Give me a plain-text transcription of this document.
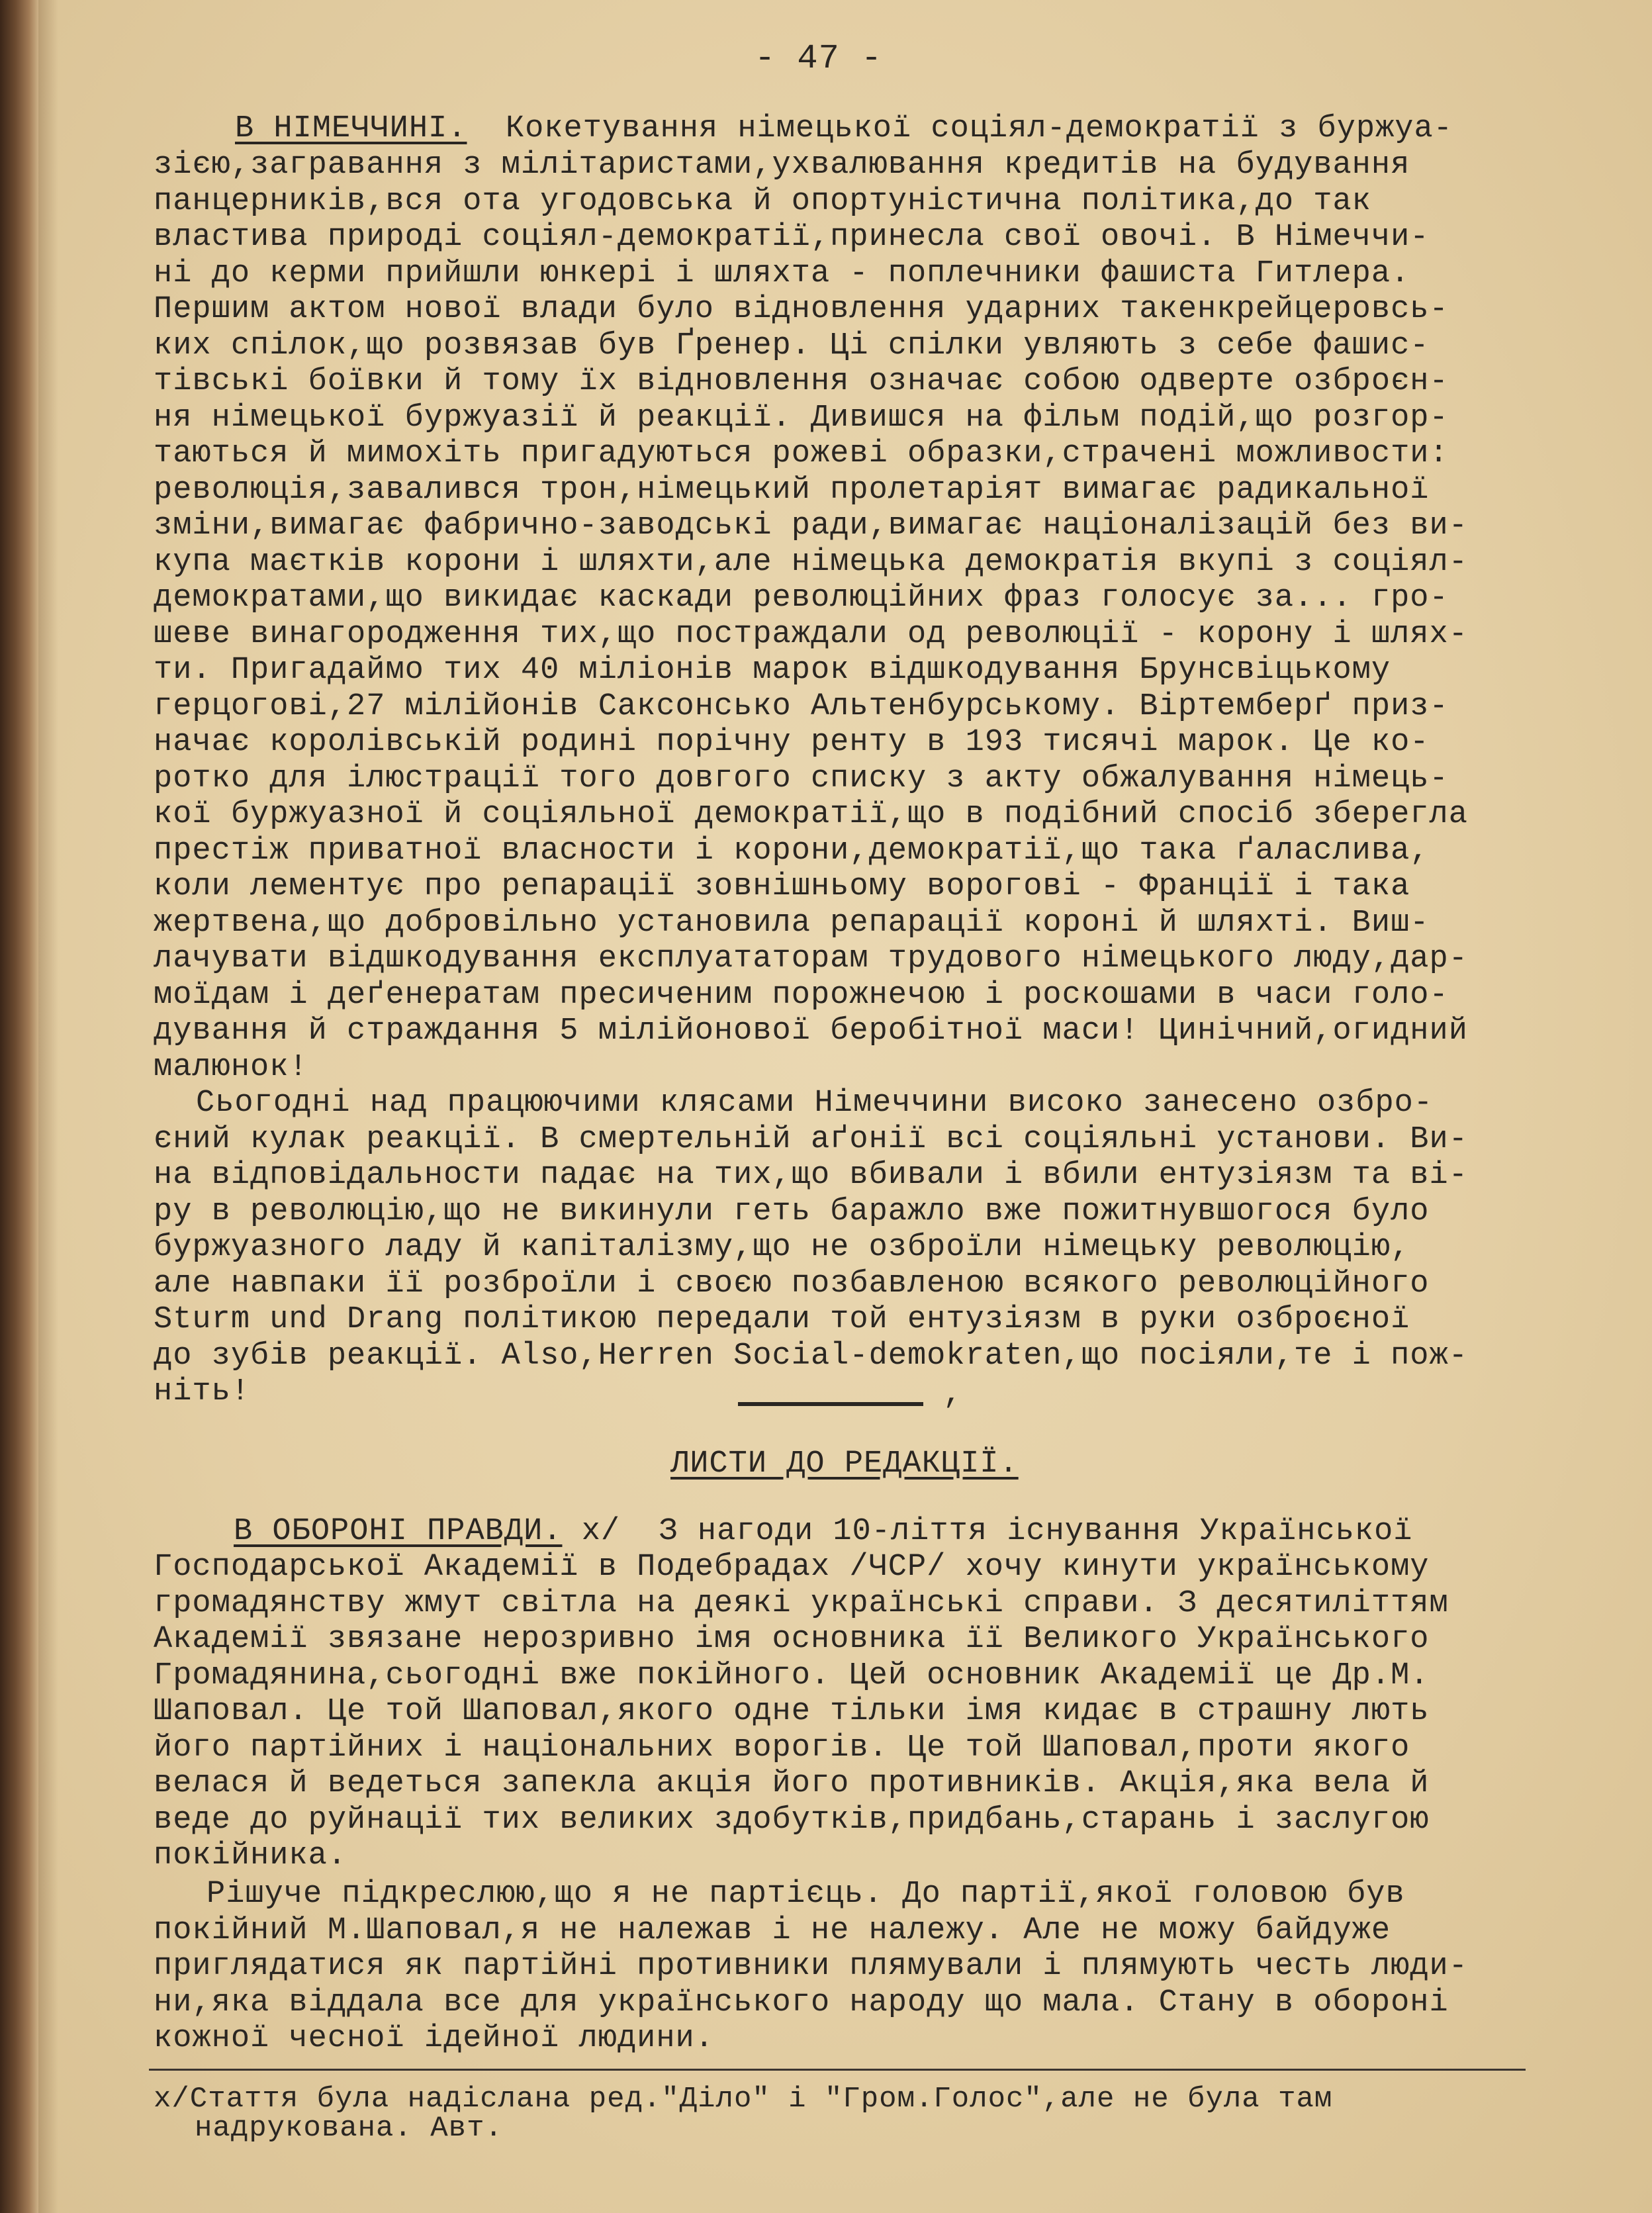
- 47 -

В НІМЕЧЧИНІ. Кокетування німецької соціял-демократії з буржуа-

зією,загравання з мілітаристами,ухвалювання кредитів на будування
панцерників,вся ота угодовська й опортуністична політика,до так
властива природі соціял-демократії,принесла свої овочі. В Німеччи-
ні до керми прийшли юнкері і шляхта - поплечники фашиста Гитлера.
Першим актом нової влади було відновлення ударних такенкрейцеровсь-
ких спілок,що розвязав був Ґренер. Ці спілки увляють з себе фашис-
тівські боївки й тому їх відновлення означає собою одверте озброєн-
ня німецької буржуазії й реакції. Дивишся на фільм подій,що розгор-
таються й мимохіть пригадуються рожеві образки,страчені можливости:
революція,завалився трон,німецький пролетаріят вимагає радикальної
зміни,вимагає фабрично-заводські ради,вимагає націоналізацій без ви-
купа маєтків корони і шляхти,але німецька демократія вкупі з соціял-
демократами,що викидає каскади революційних фраз голосує за... гро-
шеве винагородження тих,що постраждали од революції - корону і шлях-
ти. Пригадаймо тих 40 міліонів марок відшкодування Брунсвіцькому
герцогові,27 мілійонів Саксонсько Альтенбурському. Віртемберґ приз-
начає королівській родині порічну ренту в 193 тисячі марок. Це ко-
ротко для ілюстрації того довгого списку з акту обжалування німець-
кої буржуазної й соціяльної демократії,що в подібний спосіб зберегла
престіж приватної власности і корони,демократії,що така ґаласлива,
коли лементує про репарації зовнішньому ворогові - Франції і така
жертвена,що добровільно установила репарації короні й шляхті. Виш-
лачувати відшкодування експлуататорам трудового німецького люду,дар-
моїдам і деґенератам пресиченим порожнечою і роскошами в часи голо-
дування й страждання 5 мілійонової беробітної маси! Цинічний,огидний
малюнок!

Сьогодні над працюючими клясами Німеччини високо занесено озбро-
єний кулак реакції. В смертельній аґонії всі соціяльні установи. Ви-
на відповідальности падає на тих,що вбивали і вбили ентузіязм та ві-
ру в революцію,що не викинули геть баражло вже пожитнувшогося було
буржуазного ладу й капіталізму,що не озброїли німецьку революцію,
але навпаки її розброїли і своєю позбавленою всякого революційного
Sturm und Drang політикою передали той ентузіязм в руки озброєної
до зубів реакції. Also,Herren Social-demokraten,що посіяли,те і пож-
ніть!

	,

ЛИСТИ ДО РЕДАКЦІЇ.

В ОБОРОНІ ПРАВДИ. х/  З нагоди 10-ліття існування Української

Господарської Академії в Подебрадах /ЧСР/ хочу кинути українському
громадянству жмут світла на деякі українські справи. З десятиліттям
Академії звязане нерозривно імя основника її Великого Українського
Громадянина,сьогодні вже покійного. Цей основник Академії це Др.М.
Шаповал. Це той Шаповал,якого одне тільки імя кидає в страшну лють
його партійних і національних ворогів. Це той Шаповал,проти якого
велася й ведеться запекла акція його противників. Акція,яка вела й
веде до руйнації тих великих здобутків,придбань,старань і заслугою
покійника.

Рішуче підкреслюю,що я не партієць. До партії,якої головою був
покійний М.Шаповал,я не належав і не належу. Але не можу байдуже
приглядатися як партійні противники плямували і плямують честь люди-
ни,яка віддала все для українського народу що мала. Стану в обороні
кожної чесної ідейної людини.

х/Стаття була надіслана ред."Діло" і "Гром.Голос",але не була там

надрукована. Авт.
